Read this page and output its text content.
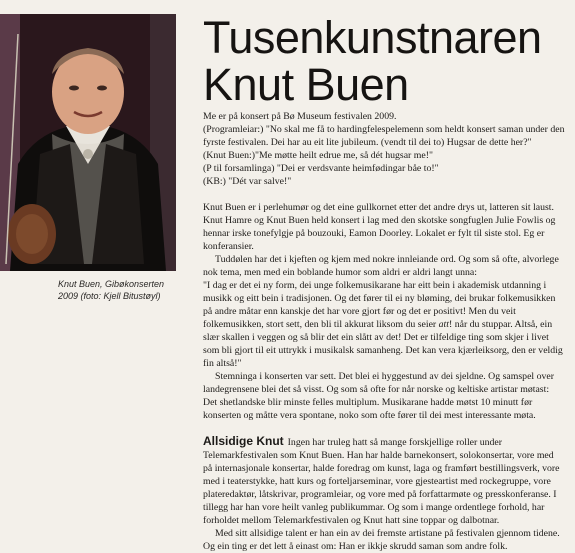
Knut Buen, Gibøkonserten
2009 (foto: Kjell Bitustøyl)
Tusenkunstnaren
Knut Buen

Me er på konsert på Bø Museum festivalen 2009.

(Programleiar:) "No skal me få to hardingfelespelemenn som heldt konsert saman under den fyrste festivalen. Dei har au eit lite jubileum. (vendt til dei to) Hugsar de dette her?"

(Knut Buen:)"Me møtte heilt edrue me, så dét hugsar me!"

(P til forsamlinga) "Dei er verdsvante heimfødingar båe to!"

(KB:) "Dét var salve!"

Knut Buen er i perlehumør og det eine gullkornet etter det andre drys ut, latteren sit laust. Knut Hamre og Knut Buen held konsert i lag med den skotske songfuglen Julie Fowlis og hennar irske tonefylgje på bouzouki, Eamon Doorley. Lokalet er fylt til siste stol. Eg er konferansier.

Tuddølen har det i kjeften og kjem med nokre innleiande ord. Og som så ofte, alvorlege nok tema, men med ein boblande humor som aldri er aldri langt unna:

"I dag er det ei ny form, dei unge folkemusikarane har eitt bein i akademisk utdanning i musikk og eitt bein i tradisjonen. Og det fører til ei ny bløming, dei brukar folkemusikken på andre måtar enn kanskje det har vore gjort før og det er positivt! Men du veit folkemusikken, stort sett, den bli til akkurat liksom du seier att! når du stuppar. Altså, ein slær skallen i veggen og så blir det ein slått av det! Det er tilfeldige ting som skjer i livet som bli gjort til eit uttrykk i musikalsk samanheng. Det kan vera kjærleiksorg, den er veldig fin altså!"

Stemninga i konserten var sett. Det blei ei hyggestund av dei sjeldne. Og samspel over landegrensene blei det så visst. Og som så ofte for når norske og keltiske artistar møtast: Det shetlandske blir minste felles multiplum. Musikarane hadde møtst 10 minutt før konserten og måtte vera spontane, noko som ofte fører til dei mest interessante møta.

Allsidige Knut Ingen har truleg hatt så mange forskjellige roller under Telemarkfestivalen som Knut Buen. Han har halde barnekonsert, solokonsertar, vore med på internasjonale konsertar, halde foredrag om kunst, laga og framført bestillingsverk, vore med i teaterstykke, hatt kurs og forteljarseminar, vore gjesteartist med rockegruppe, vore plateredaktør, låtskrivar, programleiar, og vore med på forfattarmøte og presskonferanse. I tillegg har han vore heilt vanleg publikummar. Og som i mange ordentlege forhold, har forholdet mellom Telemarkfestivalen og Knut hatt sine toppar og dalbotnar.

Med sitt allsidige talent er han ein av dei fremste artistane på festivalen gjennom tidene. Og ein ting er det lett å einast om: Han er ikkje skrudd saman som andre folk.
